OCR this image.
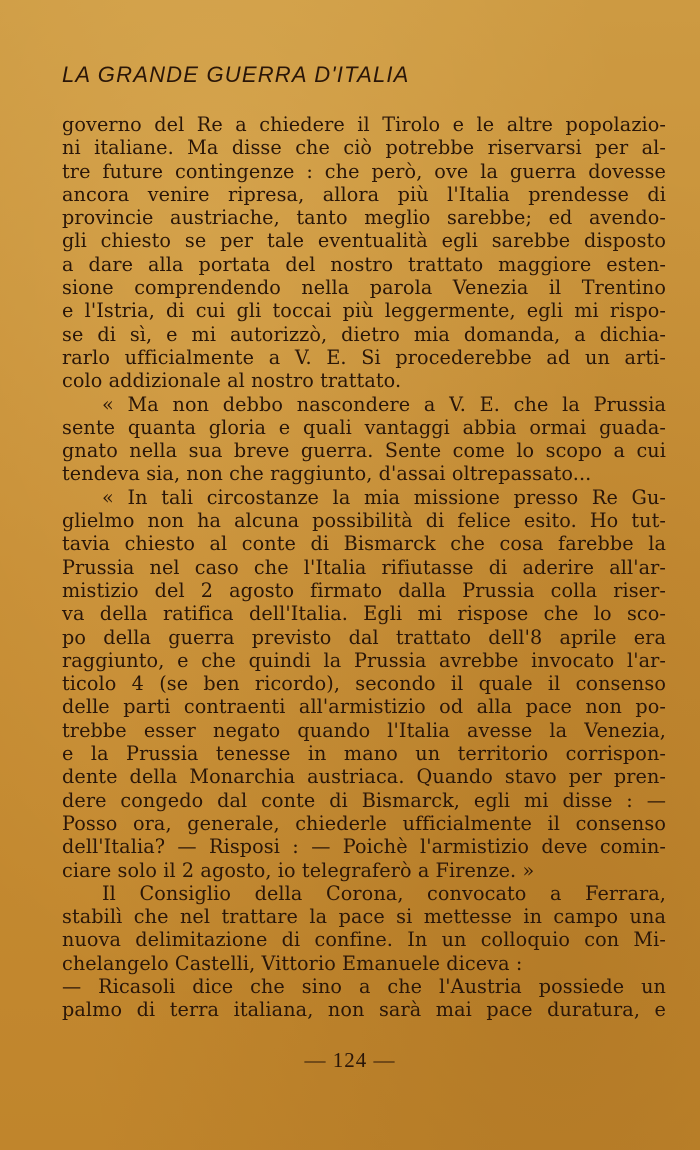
LA GRANDE GUERRA D'ITALIA
governo del Re a chiedere il Tirolo e le altre popolazio-
ni italiane. Ma disse che ciò potrebbe riservarsi per al-
tre future contingenze : che però, ove la guerra dovesse
ancora venire ripresa, allora più l'Italia prendesse di
provincie austriache, tanto meglio sarebbe; ed avendo-
gli chiesto se per tale eventualità egli sarebbe disposto
a dare alla portata del nostro trattato maggiore esten-
sione comprendendo nella parola Venezia il Trentino
e l'Istria, di cui gli toccai più leggermente, egli mi rispo-
se di sì, e mi autorizzò, dietro mia domanda, a dichia-
rarlo ufficialmente a V. E. Si procederebbe ad un arti-
colo addizionale al nostro trattato.
« Ma non debbo nascondere a V. E. che la Prussia
sente quanta gloria e quali vantaggi abbia ormai guada-
gnato nella sua breve guerra. Sente come lo scopo a cui
tendeva sia, non che raggiunto, d'assai oltrepassato...
« In tali circostanze la mia missione presso Re Gu-
glielmo non ha alcuna possibilità di felice esito. Ho tut-
tavia chiesto al conte di Bismarck che cosa farebbe la
Prussia nel caso che l'Italia rifiutasse di aderire all'ar-
mistizio del 2 agosto firmato dalla Prussia colla riser-
va della ratifica dell'Italia. Egli mi rispose che lo sco-
po della guerra previsto dal trattato dell'8 aprile era
raggiunto, e che quindi la Prussia avrebbe invocato l'ar-
ticolo 4 (se ben ricordo), secondo il quale il consenso
delle parti contraenti all'armistizio od alla pace non po-
trebbe esser negato quando l'Italia avesse la Venezia,
e la Prussia tenesse in mano un territorio corrispon-
dente della Monarchia austriaca. Quando stavo per pren-
dere congedo dal conte di Bismarck, egli mi disse : —
Posso ora, generale, chiederle ufficialmente il consenso
dell'Italia? — Risposi : — Poichè l'armistizio deve comin-
ciare solo il 2 agosto, io telegraferò a Firenze. »
Il Consiglio della Corona, convocato a Ferrara,
stabilì che nel trattare la pace si mettesse in campo una
nuova delimitazione di confine. In un colloquio con Mi-
chelangelo Castelli, Vittorio Emanuele diceva :
— Ricasoli dice che sino a che l'Austria possiede un
palmo di terra italiana, non sarà mai pace duratura, e
— 124 —
